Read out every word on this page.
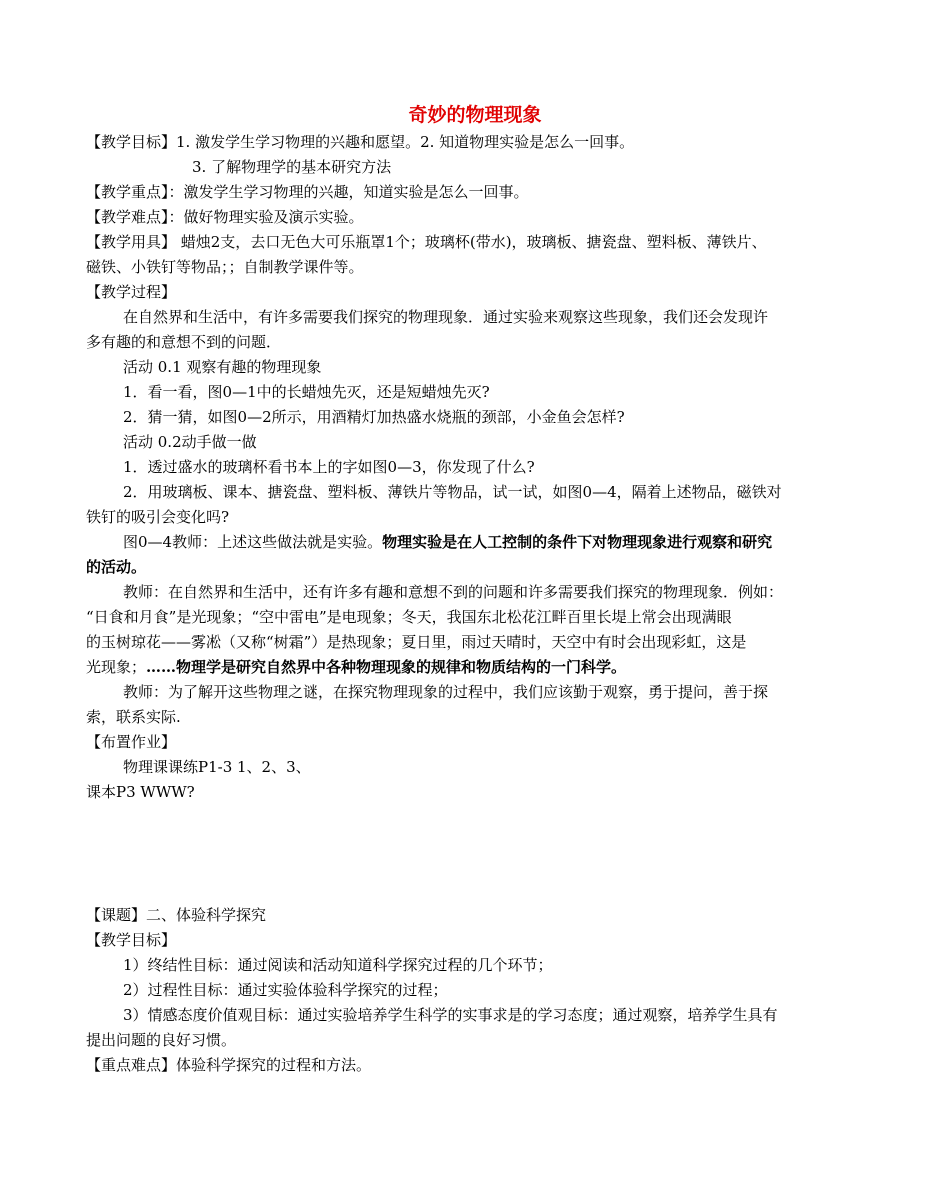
奇妙的物理现象
【教学目标】1. 激发学生学习物理的兴趣和愿望。2. 知道物理实验是怎么一回事。
3. 了解物理学的基本研究方法
【教学重点】：激发学生学习物理的兴趣，知道实验是怎么一回事。
【教学难点】：做好物理实验及演示实验。
【教学用具】 蜡烛2支，去口无色大可乐瓶罩1个；玻璃杯(带水)，玻璃板、搪瓷盘、塑料板、薄铁片、
磁铁、小铁钉等物品；；自制教学课件等。
【教学过程】
在自然界和生活中，有许多需要我们探究的物理现象．通过实验来观察这些现象，我们还会发现许
多有趣的和意想不到的问题．
活动 0.1 观察有趣的物理现象
1．看一看，图0—1中的长蜡烛先灭，还是短蜡烛先灭?
2．猜一猜，如图0—2所示，用酒精灯加热盛水烧瓶的颈部，小金鱼会怎样?
活动 0.2动手做一做
1．透过盛水的玻璃杯看书本上的字如图0—3，你发现了什么?
2．用玻璃板、课本、搪瓷盘、塑料板、薄铁片等物品，试一试，如图0—4，隔着上述物品，磁铁对
铁钉的吸引会变化吗?
图0—4教师：上述这些做法就是实验。物理实验是在人工控制的条件下对物理现象进行观察和研究
的活动。
教师：在自然界和生活中，还有许多有趣和意想不到的问题和许多需要我们探究的物理现象．例如：
“日食和月食”是光现象；“空中雷电”是电现象；冬天，我国东北松花江畔百里长堤上常会出现满眼
的玉树琼花——雾凇（又称“树霜”）是热现象；夏日里，雨过天晴时，天空中有时会出现彩虹，这是
光现象；……物理学是研究自然界中各种物理现象的规律和物质结构的一门科学。
教师：为了解开这些物理之谜，在探究物理现象的过程中，我们应该勤于观察，勇于提问，善于探
索，联系实际.
【布置作业】
物理课课练P1-3 1、2、3、
课本P3 WWW?
【课题】二、体验科学探究
【教学目标】
1）终结性目标：通过阅读和活动知道科学探究过程的几个环节；
2）过程性目标：通过实验体验科学探究的过程；
3）情感态度价值观目标：通过实验培养学生科学的实事求是的学习态度；通过观察，培养学生具有
提出问题的良好习惯。
【重点难点】体验科学探究的过程和方法。
